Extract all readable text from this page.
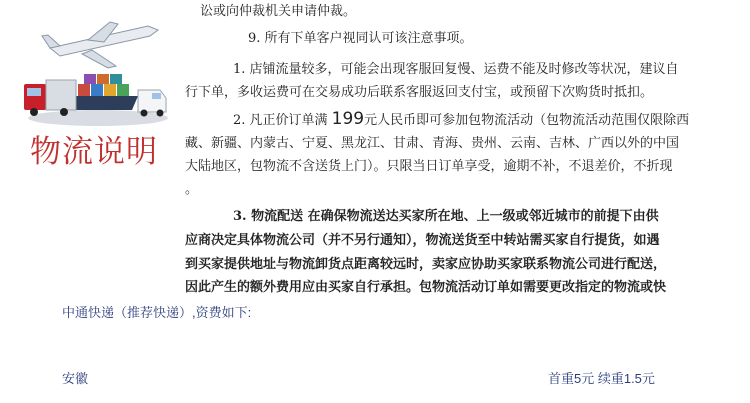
物流说明
讼或向仲裁机关申请仲裁。
9. 所有下单客户视同认可该注意事项。
1. 店铺流量较多，可能会出现客服回复慢、运费不能及时修改等状况，建议自
行下单，多收运费可在交易成功后联系客服返回支付宝，或预留下次购货时抵扣。
2. 凡正价订单满 199元人民币即可参加包物流活动（包物流活动范围仅限除西
藏、新疆、内蒙古、宁夏、黑龙江、甘肃、青海、贵州、云南、吉林、广西以外的中国
大陆地区，包物流不含送货上门）。只限当日订单享受，逾期不补，不退差价，不折现
。
3. 物流配送 在确保物流送达买家所在地、上一级或邻近城市的前提下由供
应商决定具体物流公司（并不另行通知），物流送货至中转站需买家自行提货，如遇
到买家提供地址与物流卸货点距离较远时，卖家应协助买家联系物流公司进行配送，
因此产生的额外费用应由买家自行承担。包物流活动订单如需要更改指定的物流或快
中通快递（推荐快递）,资费如下:
安徽	首重5元 续重1.5元
